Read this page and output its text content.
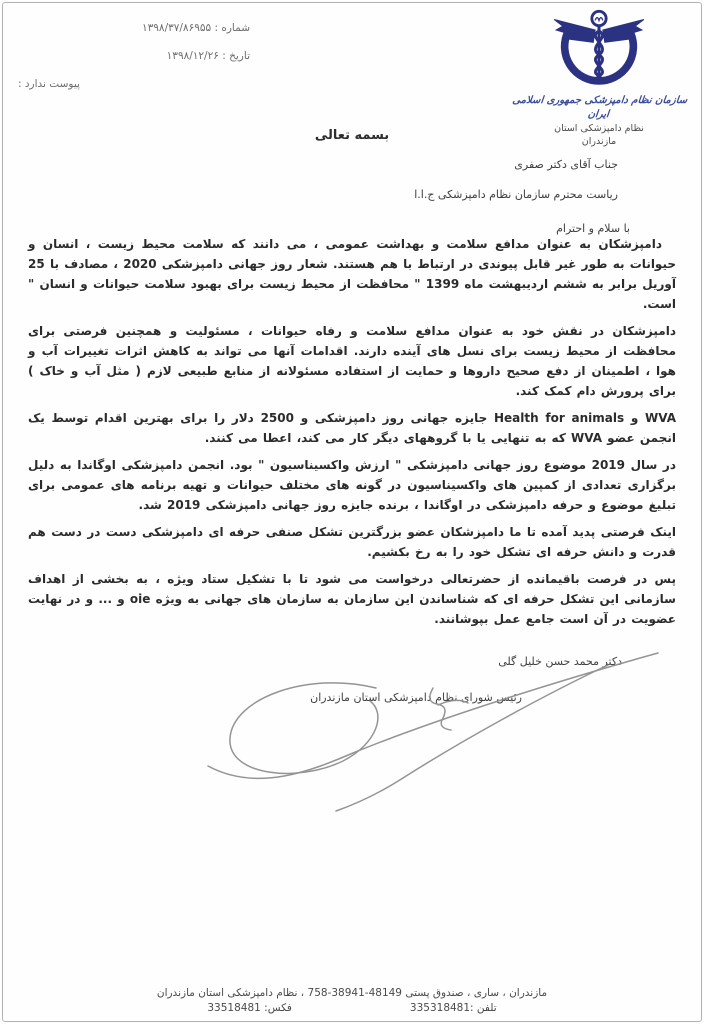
شماره : ۱۳۹۸/۳۷/۸۶۹۵۵
تاریخ : ۱۳۹۸/۱۲/۲۶
پیوست ندارد :
سازمان نظام دامپزشکی جمهوری اسلامی ایران
نظام دامپزشکی استان
مازندران
بسمه تعالی
جناب آقای دکتر صفری
ریاست محترم سازمان نظام دامپزشکی ج.ا.ا
با سلام و احترام

دامپزشکان به عنوان مدافع سلامت و بهداشت عمومی ، می دانند که سلامت محیط زیست ، انسان و حیوانات به طور غیر قابل پیوندی در ارتباط با هم هستند. شعار روز جهانی دامپزشکی 2020 ، مصادف با 25 آوریل برابر به ششم اردیبهشت ماه 1399 " محافظت از محیط زیست برای بهبود سلامت حیوانات و انسان " است.

دامپزشکان در نقش خود به عنوان مدافع سلامت و رفاه حیوانات ، مسئولیت و همچنین فرصتی برای محافظت از محیط زیست برای نسل های آینده دارند. اقدامات آنها می تواند به کاهش اثرات تغییرات آب و هوا ، اطمینان از دفع صحیح داروها و حمایت از استفاده مسئولانه از منابع طبیعی لازم ( مثل آب و خاک ) برای پرورش دام کمک کند.

WVA و Health for animals جایزه جهانی روز دامپزشکی و 2500 دلار را برای بهترین اقدام توسط یک انجمن عضو WVA که به تنهایی یا با گروههای دیگر کار می کند، اعطا می کنند.

در سال 2019 موضوع روز جهانی دامپزشکی " ارزش واکسیناسیون " بود. انجمن دامپزشکی اوگاندا به دلیل برگزاری تعدادی از کمپین های واکسیناسیون در گونه های مختلف حیوانات و تهیه برنامه های عمومی برای تبلیغ موضوع و حرفه دامپزشکی در اوگاندا ، برنده جایزه روز جهانی دامپزشکی 2019 شد.

اینک فرصتی پدید آمده تا ما دامپزشکان عضو بزرگترین تشکل صنفی حرفه ای دامپزشکی دست در دست هم قدرت و دانش حرفه ای تشکل خود را به رخ بکشیم.

پس در فرصت باقیمانده از حضرتعالی درخواست می شود تا با تشکیل ستاد ویژه ، به بخشی از اهداف سازمانی این تشکل حرفه ای که شناساندن این سازمان به سازمان های جهانی به ویژه oie و ... و در نهایت عضویت در آن است جامع عمل بپوشانند.

دکتر محمد حسن خلیل گلی
رئیس شورای نظام دامپزشکی استان مازندران
مازندران ، ساری ، صندوق پستی 48149-38941-758 ، نظام دامپزشکی استان مازندران
تلفن :335318481
فکس: 33518481
